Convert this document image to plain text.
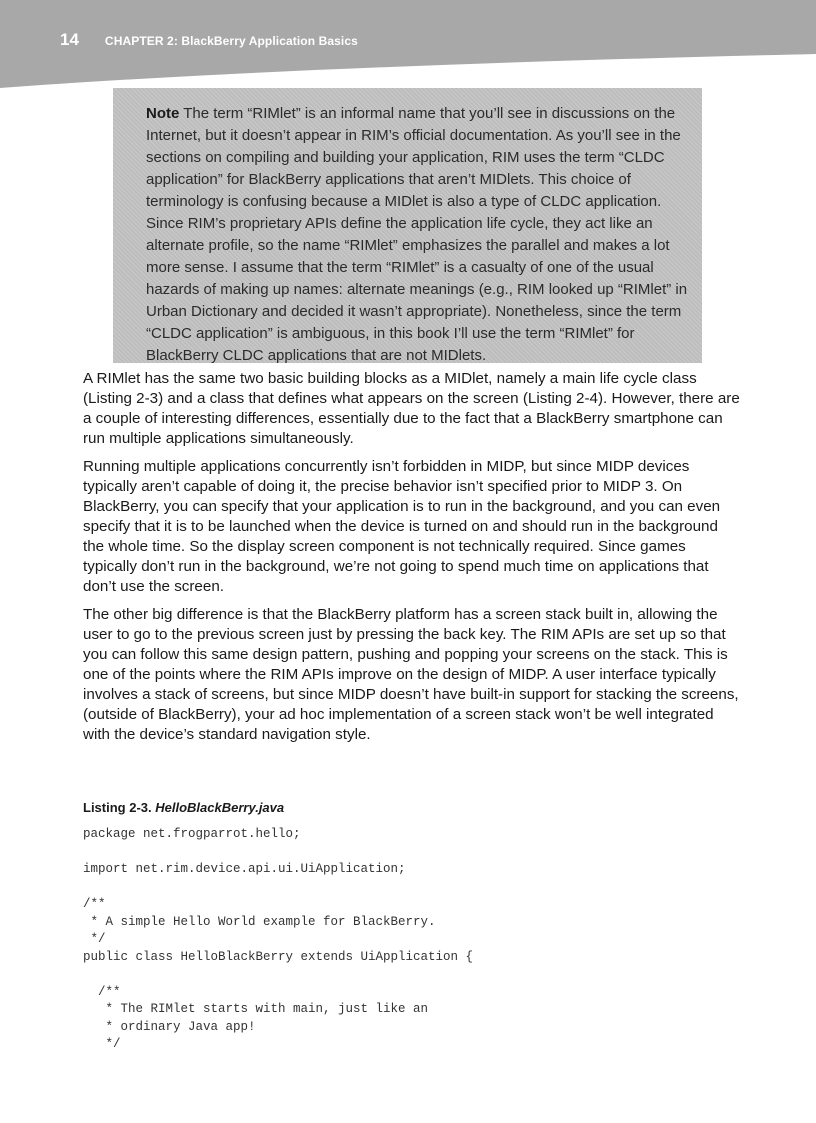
14 CHAPTER 2: BlackBerry Application Basics

Note The term “RIMlet” is an informal name that you’ll see in discussions on the Internet, but it doesn’t appear in RIM’s official documentation. As you’ll see in the sections on compiling and building your application, RIM uses the term “CLDC application” for BlackBerry applications that aren’t MIDlets. This choice of terminology is confusing because a MIDlet is also a type of CLDC application. Since RIM’s proprietary APIs define the application life cycle, they act like an alternate profile, so the name “RIMlet” emphasizes the parallel and makes a lot more sense. I assume that the term “RIMlet” is a casualty of one of the usual hazards of making up names: alternate meanings (e.g., RIM looked up “RIMlet” in Urban Dictionary and decided it wasn’t appropriate). Nonetheless, since the term “CLDC application” is ambiguous, in this book I’ll use the term “RIMlet” for BlackBerry CLDC applications that are not MIDlets.

A RIMlet has the same two basic building blocks as a MIDlet, namely a main life cycle class (Listing 2-3) and a class that defines what appears on the screen (Listing 2-4). However, there are a couple of interesting differences, essentially due to the fact that a BlackBerry smartphone can run multiple applications simultaneously.

Running multiple applications concurrently isn’t forbidden in MIDP, but since MIDP devices typically aren’t capable of doing it, the precise behavior isn’t specified prior to MIDP 3. On BlackBerry, you can specify that your application is to run in the background, and you can even specify that it is to be launched when the device is turned on and should run in the background the whole time. So the display screen component is not technically required. Since games typically don’t run in the background, we’re not going to spend much time on applications that don’t use the screen.

The other big difference is that the BlackBerry platform has a screen stack built in, allowing the user to go to the previous screen just by pressing the back key. The RIM APIs are set up so that you can follow this same design pattern, pushing and popping your screens on the stack. This is one of the points where the RIM APIs improve on the design of MIDP. A user interface typically involves a stack of screens, but since MIDP doesn’t have built-in support for stacking the screens, (outside of BlackBerry), your ad hoc implementation of a screen stack won’t be well integrated with the device’s standard navigation style.

Listing 2-3. HelloBlackBerry.java
package net.frogparrot.hello;

import net.rim.device.api.ui.UiApplication;

/**
* A simple Hello World example for BlackBerry.
*/
public class HelloBlackBerry extends UiApplication {

/**
* The RIMlet starts with main, just like an
* ordinary Java app!
*/
